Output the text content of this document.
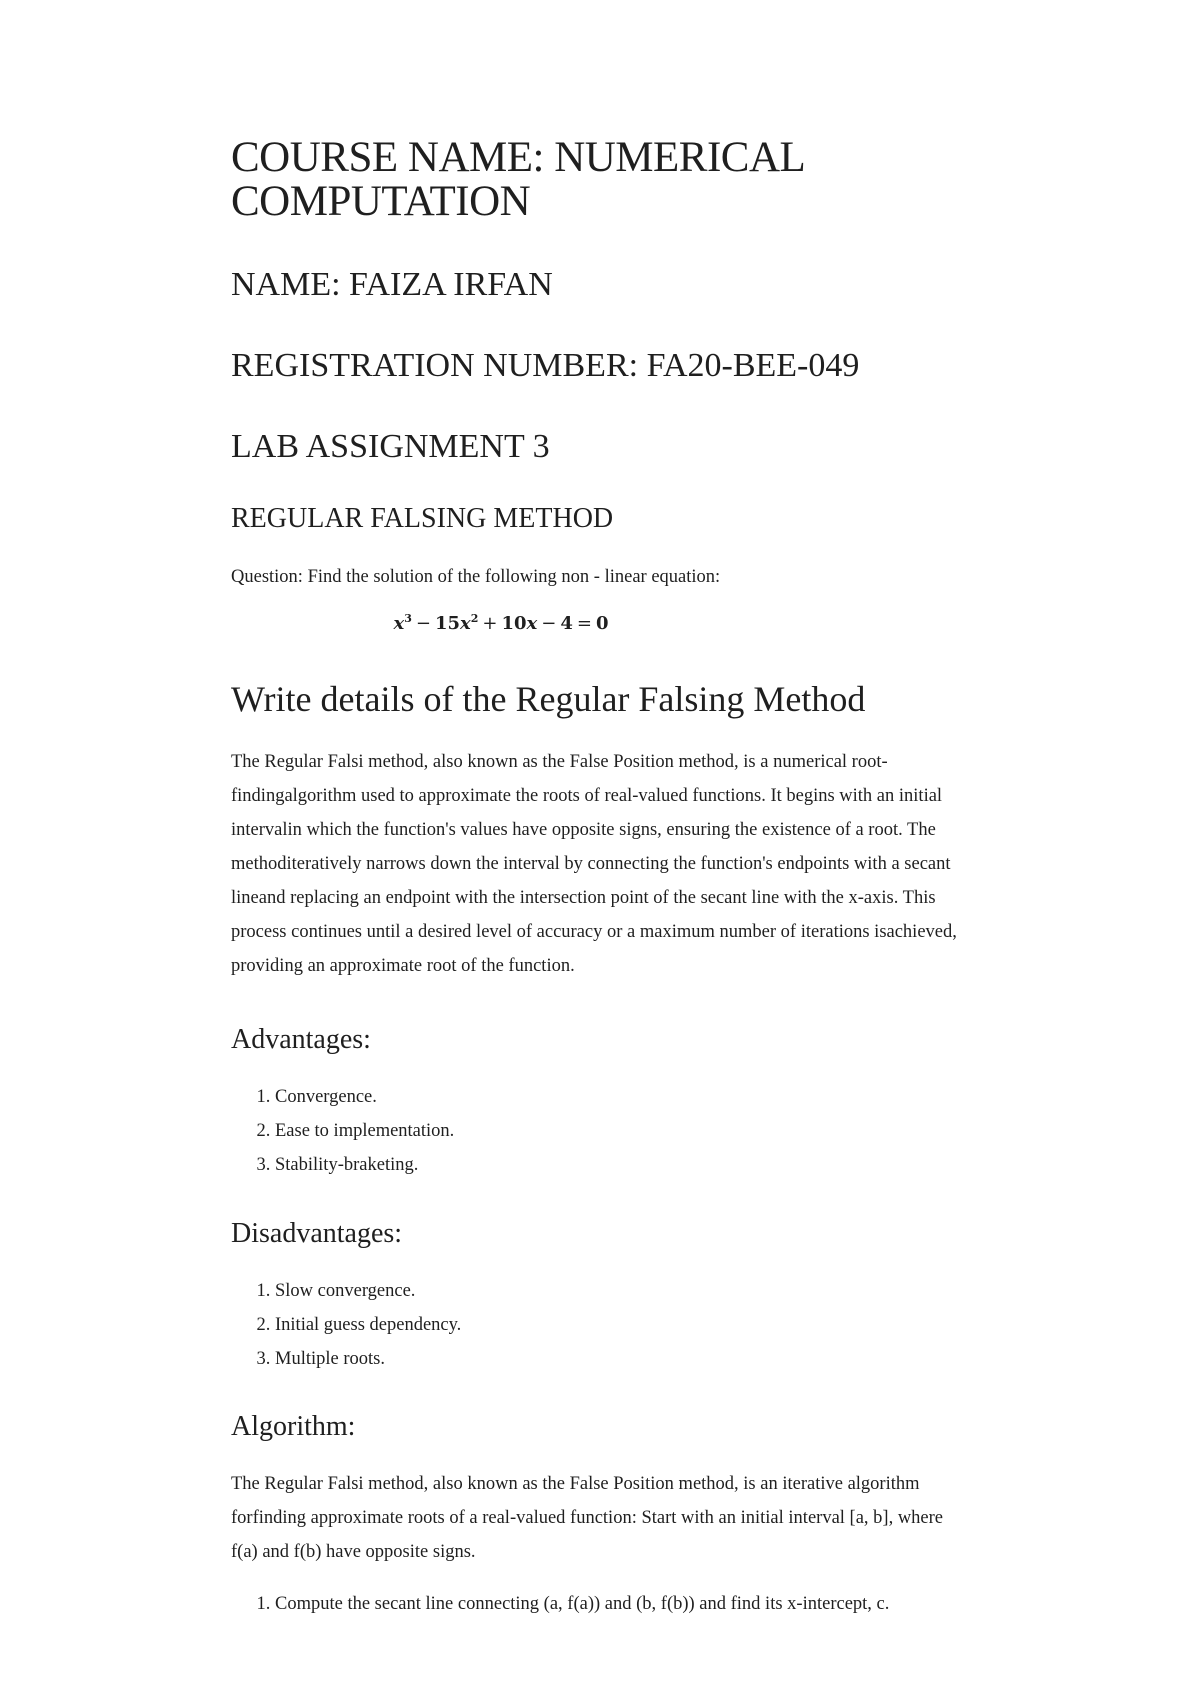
COURSE NAME: NUMERICAL
COMPUTATION
NAME: FAIZA IRFAN
REGISTRATION NUMBER: FA20-BEE-049
LAB ASSIGNMENT 3
REGULAR FALSING METHOD

Question: Find the solution of the following non - linear equation:

$x^3 - 15x^2 + 10x - 4 = 0$

Write details of the Regular Falsing Method

The Regular Falsi method, also known as the False Position method, is a numerical root-

findingalgorithm used to approximate the roots of real-valued functions. It begins with an initial

intervalin which the function's values have opposite signs, ensuring the existence of a root. The

methoditeratively narrows down the interval by connecting the function's endpoints with a secant

lineand replacing an endpoint with the intersection point of the secant line with the x-axis. This

process continues until a desired level of accuracy or a maximum number of iterations isachieved,

providing an approximate root of the function.

Advantages:
1. Convergence.
2. Ease to implementation.
3. Stability-braketing.
Disadvantages:
1. Slow convergence.
2. Initial guess dependency.
3. Multiple roots.
Algorithm:

The Regular Falsi method, also known as the False Position method, is an iterative algorithm

forfinding approximate roots of a real-valued function: Start with an initial interval [a, b], where

f(a) and f(b) have opposite signs.

1. Compute the secant line connecting (a, f(a)) and (b, f(b)) and find its x-intercept, c.
